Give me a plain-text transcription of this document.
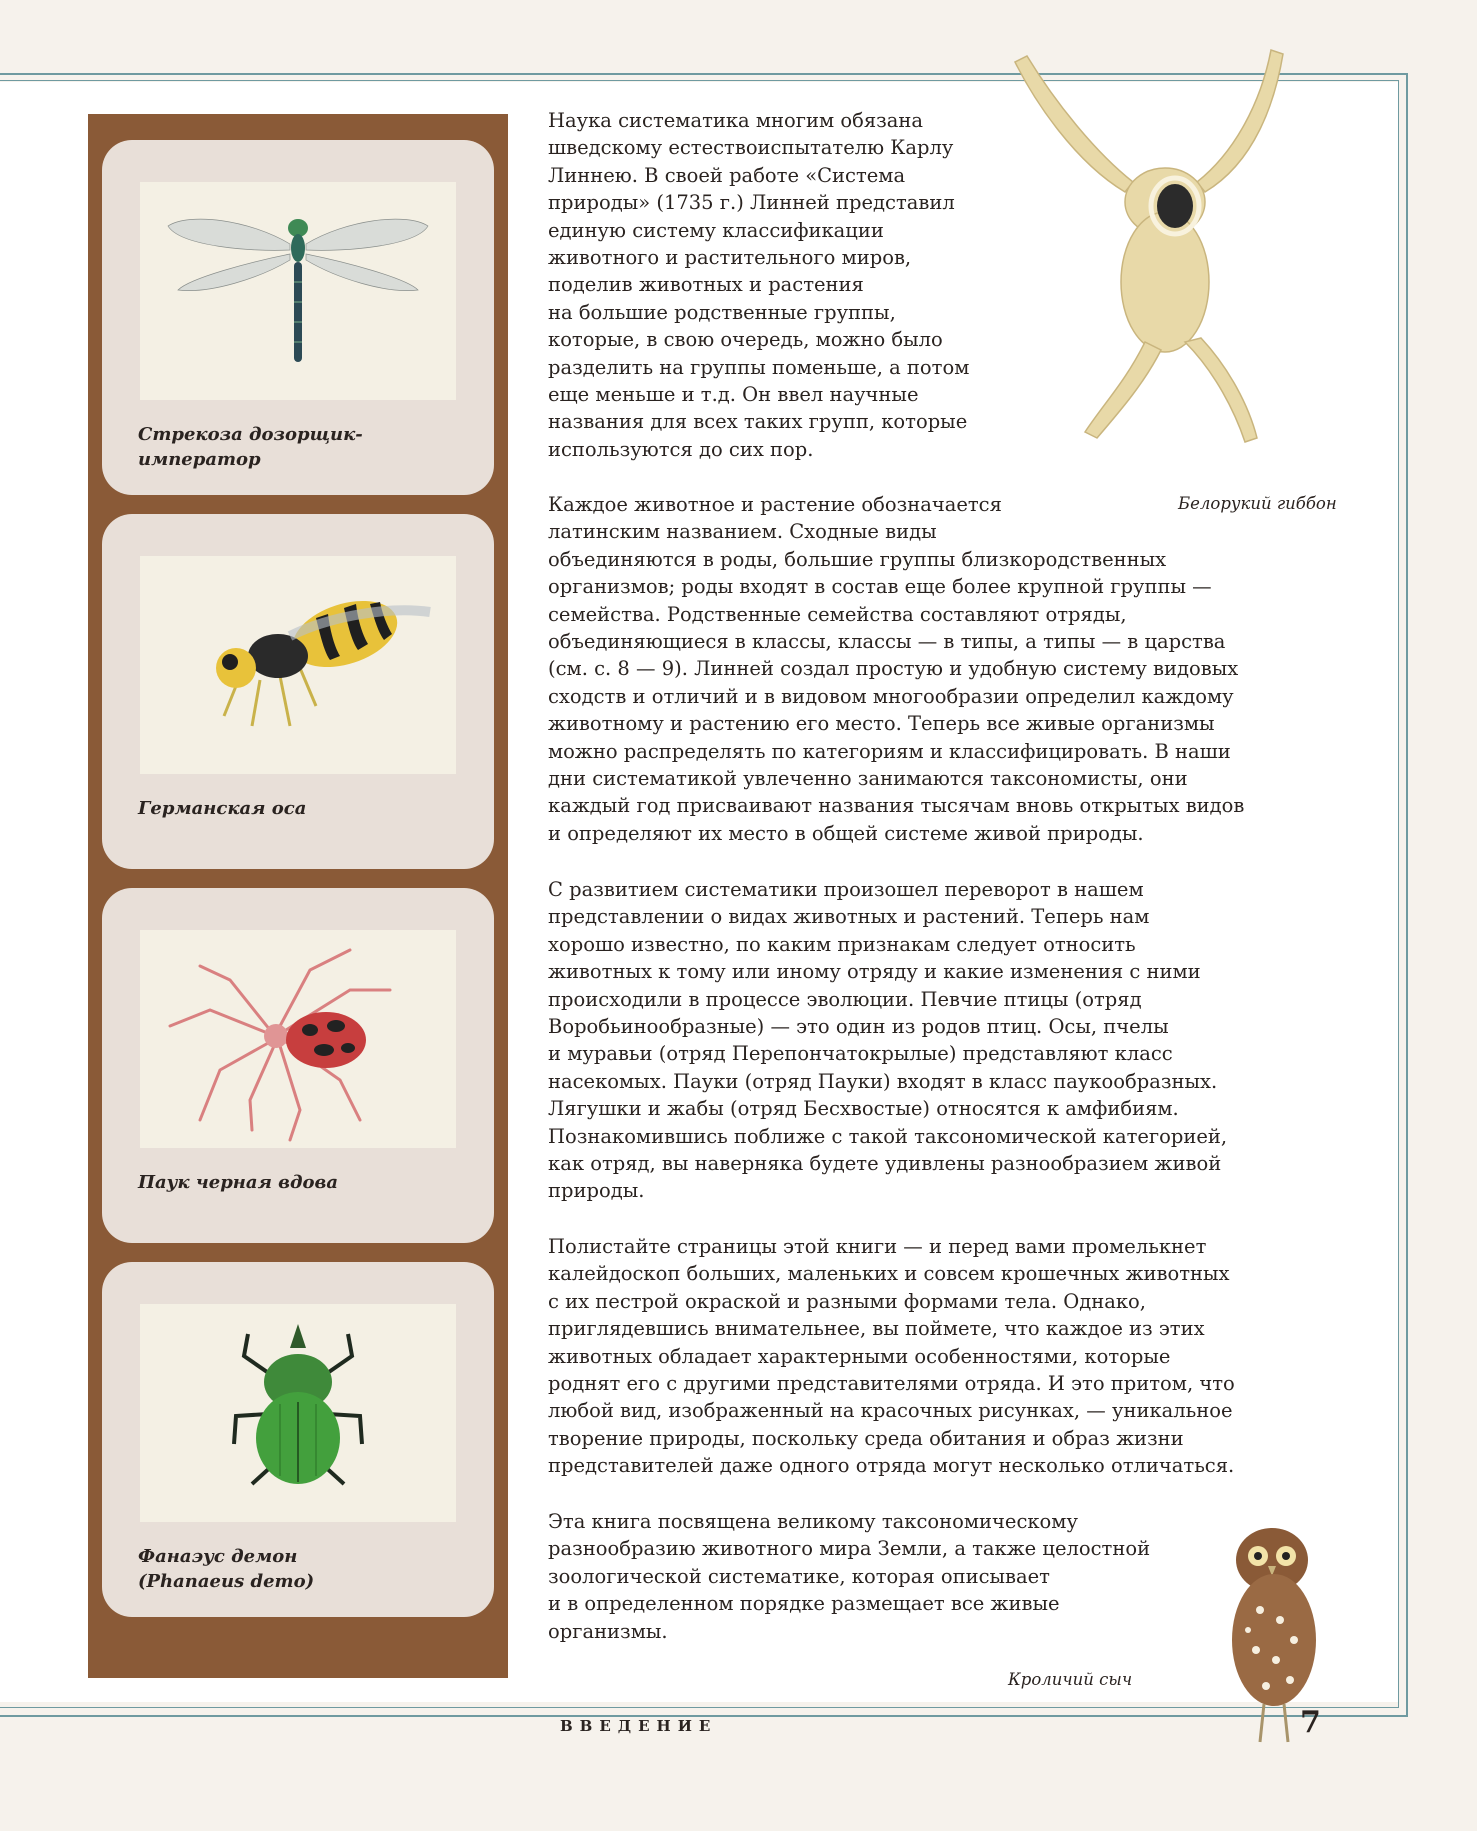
Стрекоза дозорщик-император
Германская оса
Паук черная вдова
Фанаэус демон
(Phanaeus demo)
Наука систематика многим обязана
шведскому естествоиспытателю Карлу
Линнею. В своей работе «Система
природы» (1735 г.) Линней представил
единую систему классификации
животного и растительного миров,
поделив животных и растения
на большие родственные группы,
которые, в свою очередь, можно было
разделить на группы поменьше, а потом
еще меньше и т.д. Он ввел научные
названия для всех таких групп, которые
используются до сих пор.
Каждое животное и растение обозначается
латинским названием. Сходные виды
объединяются в роды, большие группы близкородственных
организмов; роды входят в состав еще более крупной группы —
семейства. Родственные семейства составляют отряды,
объединяющиеся в классы, классы — в типы, а типы — в царства
(см. с. 8 — 9). Линней создал простую и удобную систему видовых
сходств и отличий и в видовом многообразии определил каждому
животному и растению его место. Теперь все живые организмы
можно распределять по категориям и классифицировать. В наши
дни систематикой увлеченно занимаются таксономисты, они
каждый год присваивают названия тысячам вновь открытых видов
и определяют их место в общей системе живой природы.
С развитием систематики произошел переворот в нашем
представлении о видах животных и растений. Теперь нам
хорошо известно, по каким признакам следует относить
животных к тому или иному отряду и какие изменения с ними
происходили в процессе эволюции. Певчие птицы (отряд
Воробьинообразные) — это один из родов птиц. Осы, пчелы
и муравьи (отряд Перепончатокрылые) представляют класс
насекомых. Пауки (отряд Пауки) входят в класс паукообразных.
Лягушки и жабы (отряд Бесхвостые) относятся к амфибиям.
Познакомившись поближе с такой таксономической категорией,
как отряд, вы наверняка будете удивлены разнообразием живой
природы.
Полистайте страницы этой книги — и перед вами промелькнет
калейдоскоп больших, маленьких и совсем крошечных животных
с их пестрой окраской и разными формами тела. Однако,
приглядевшись внимательнее, вы поймете, что каждое из этих
животных обладает характерными особенностями, которые
роднят его с другими представителями отряда. И это притом, что
любой вид, изображенный на красочных рисунках, — уникальное
творение природы, поскольку среда обитания и образ жизни
представителей даже одного отряда могут несколько отличаться.
Эта книга посвящена великому таксономическому
разнообразию животного мира Земли, а также целостной
зоологической систематике, которая описывает
и в определенном порядке размещает все живые
организмы.
Белорукий гиббон
Кроличий сыч
ВВЕДЕНИЕ	7
